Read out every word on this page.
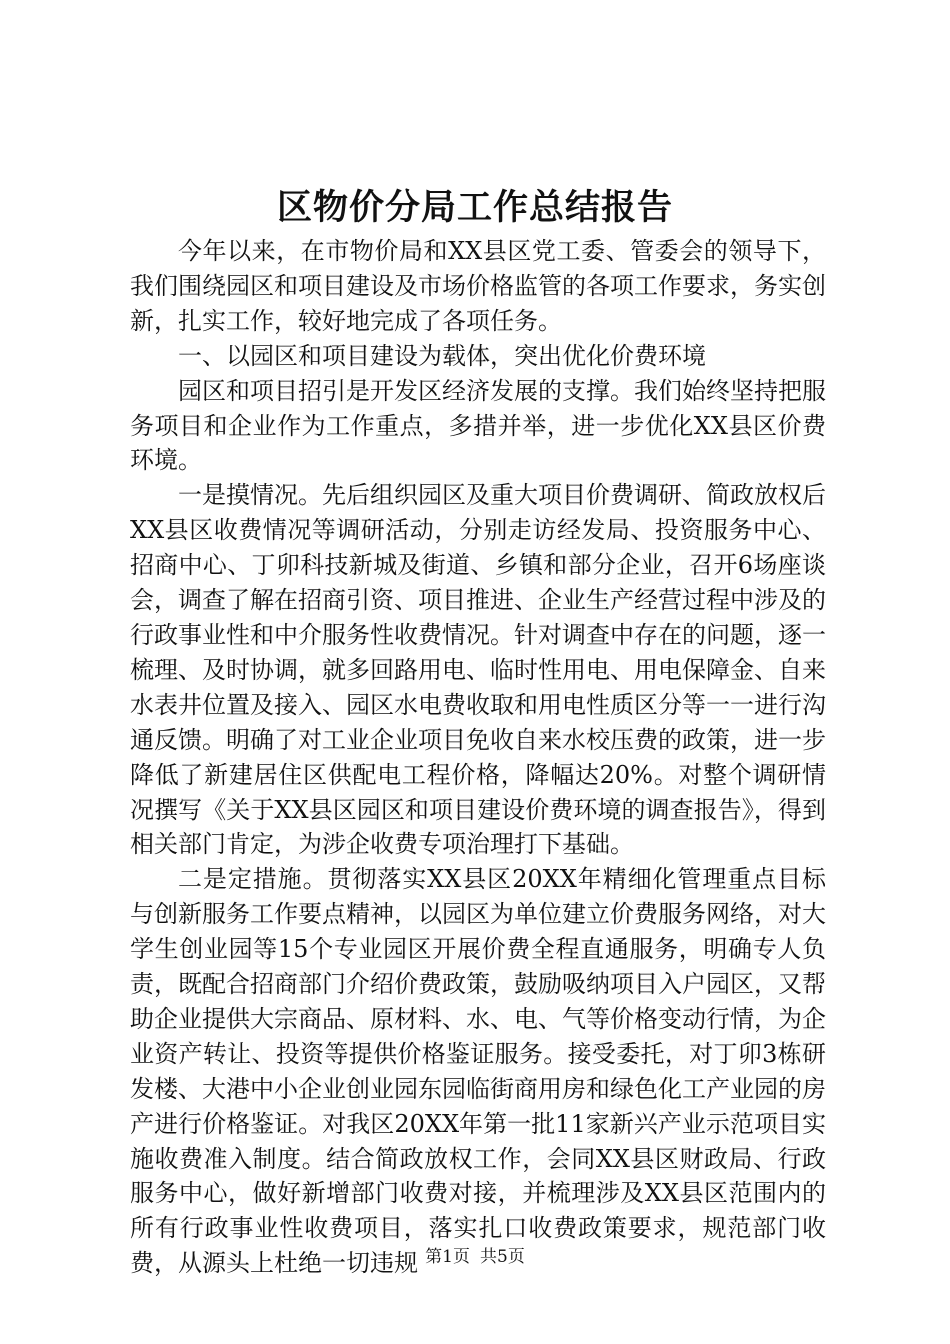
区物价分局工作总结报告

今年以来，在市物价局和XX县区党工委、管委会的领导下，我们围绕园区和项目建设及市场价格监管的各项工作要求，务实创新，扎实工作，较好地完成了各项任务。

一、以园区和项目建设为载体，突出优化价费环境

园区和项目招引是开发区经济发展的支撑。我们始终坚持把服务项目和企业作为工作重点，多措并举，进一步优化XX县区价费环境。

一是摸情况。先后组织园区及重大项目价费调研、简政放权后XX县区收费情况等调研活动，分别走访经发局、投资服务中心、招商中心、丁卯科技新城及街道、乡镇和部分企业，召开6场座谈会，调查了解在招商引资、项目推进、企业生产经营过程中涉及的行政事业性和中介服务性收费情况。针对调查中存在的问题，逐一梳理、及时协调，就多回路用电、临时性用电、用电保障金、自来水表井位置及接入、园区水电费收取和用电性质区分等一一进行沟通反馈。明确了对工业企业项目免收自来水校压费的政策，进一步降低了新建居住区供配电工程价格，降幅达20%。对整个调研情况撰写《关于XX县区园区和项目建设价费环境的调查报告》，得到相关部门肯定，为涉企收费专项治理打下基础。

二是定措施。贯彻落实XX县区20XX年精细化管理重点目标与创新服务工作要点精神，以园区为单位建立价费服务网络，对大学生创业园等15个专业园区开展价费全程直通服务，明确专人负责，既配合招商部门介绍价费政策，鼓励吸纳项目入户园区，又帮助企业提供大宗商品、原材料、水、电、气等价格变动行情，为企业资产转让、投资等提供价格鉴证服务。接受委托，对丁卯3栋研发楼、大港中小企业创业园东园临街商用房和绿色化工产业园的房产进行价格鉴证。对我区20XX年第一批11家新兴产业示范项目实施收费准入制度。结合简政放权工作，会同XX县区财政局、行政服务中心，做好新增部门收费对接，并梳理涉及XX县区范围内的所有行政事业性收费项目，落实扎口收费政策要求，规范部门收费，从源头上杜绝一切违规 第1页 共5页
